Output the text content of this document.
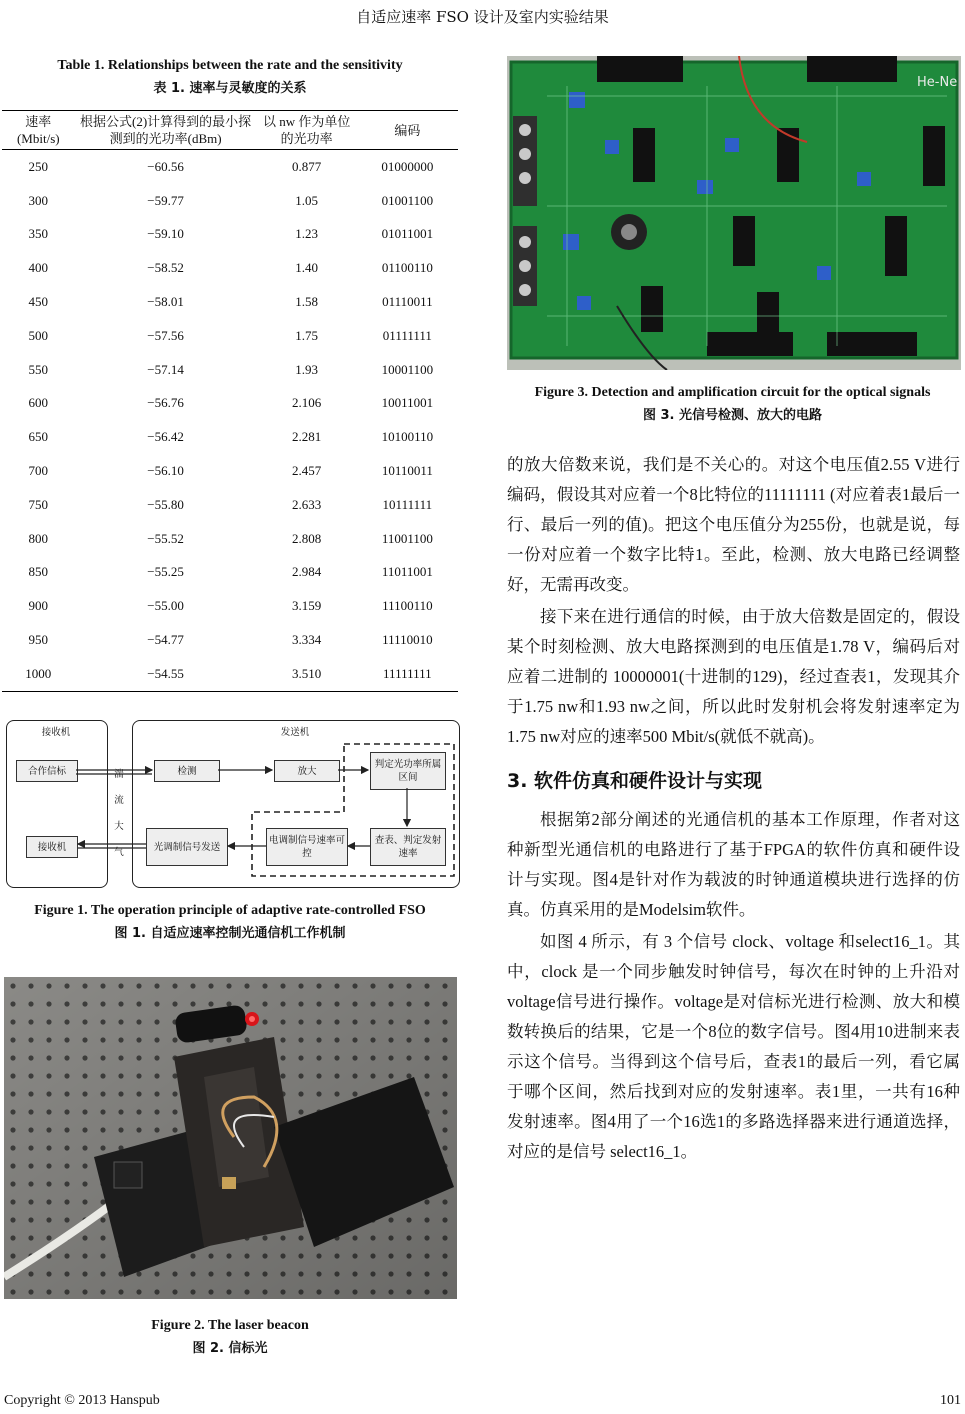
自适应速率 FSO 设计及室内实验结果
Table 1. Relationships between the rate and the sensitivity
表 1. 速率与灵敏度的关系
速率
(Mbit/s)	根据公式(2)计算得到的最小探测到的光功率(dBm)	以 nw 作为单位的光功率	编码
250	−60.56	0.877	01000000
300	−59.77	1.05	01001100
350	−59.10	1.23	01011001
400	−58.52	1.40	01100110
450	−58.01	1.58	01110011
500	−57.56	1.75	01111111
550	−57.14	1.93	10001100
600	−56.76	2.106	10011001
650	−56.42	2.281	10100110
700	−56.10	2.457	10110011
750	−55.80	2.633	10111111
800	−55.52	2.808	11001100
850	−55.25	2.984	11011001
900	−55.00	3.159	11100110
950	−54.77	3.334	11110010
1000	−54.55	3.510	11111111
接收机	发送机
合作信标
接收机
湍
流
大
气
检测	放大
判定光功率所属区间
光调制信号发送
电调制信号速率可控
查表、判定发射速率
Figure 1. The operation principle of adaptive rate-controlled FSO
图 1. 自适应速率控制光通信机工作机制
Figure 2. The laser beacon
图 2. 信标光
He-Ne
Figure 3. Detection and amplification circuit for the optical signals
图 3. 光信号检测、放大的电路

的放大倍数来说，我们是不关心的。对这个电压值2.55 V进行编码，假设其对应着一个8比特位的11111111 (对应着表1最后一行、最后一列的值)。把这个电压值分为255份，也就是说，每一份对应着一个数字比特1。至此，检测、放大电路已经调整好，无需再改变。

接下来在进行通信的时候，由于放大倍数是固定的，假设某个时刻检测、放大电路探测到的电压值是1.78 V，编码后对应着二进制的 10000001(十进制的129)，经过查表1，发现其介于1.75 nw和1.93 nw之间，所以此时发射机会将发射速率定为1.75 nw对应的速率500 Mbit/s(就低不就高)。

3. 软件仿真和硬件设计与实现

根据第2部分阐述的光通信机的基本工作原理，作者对这种新型光通信机的电路进行了基于FPGA的软件仿真和硬件设计与实现。图4是针对作为载波的时钟通道模块进行选择的仿真。仿真采用的是Modelsim软件。

如图 4 所示，有 3 个信号 clock、voltage 和select16_1。其中，clock 是一个同步触发时钟信号，每次在时钟的上升沿对voltage信号进行操作。voltage是对信标光进行检测、放大和模数转换后的结果，它是一个8位的数字信号。图4用10进制来表示这个信号。当得到这个信号后，查表1的最后一列，看它属于哪个区间，然后找到对应的发射速率。表1里，一共有16种发射速率。图4用了一个16选1的多路选择器来进行通道选择，对应的是信号 select16_1。

Copyright © 2013 Hanspub	101
